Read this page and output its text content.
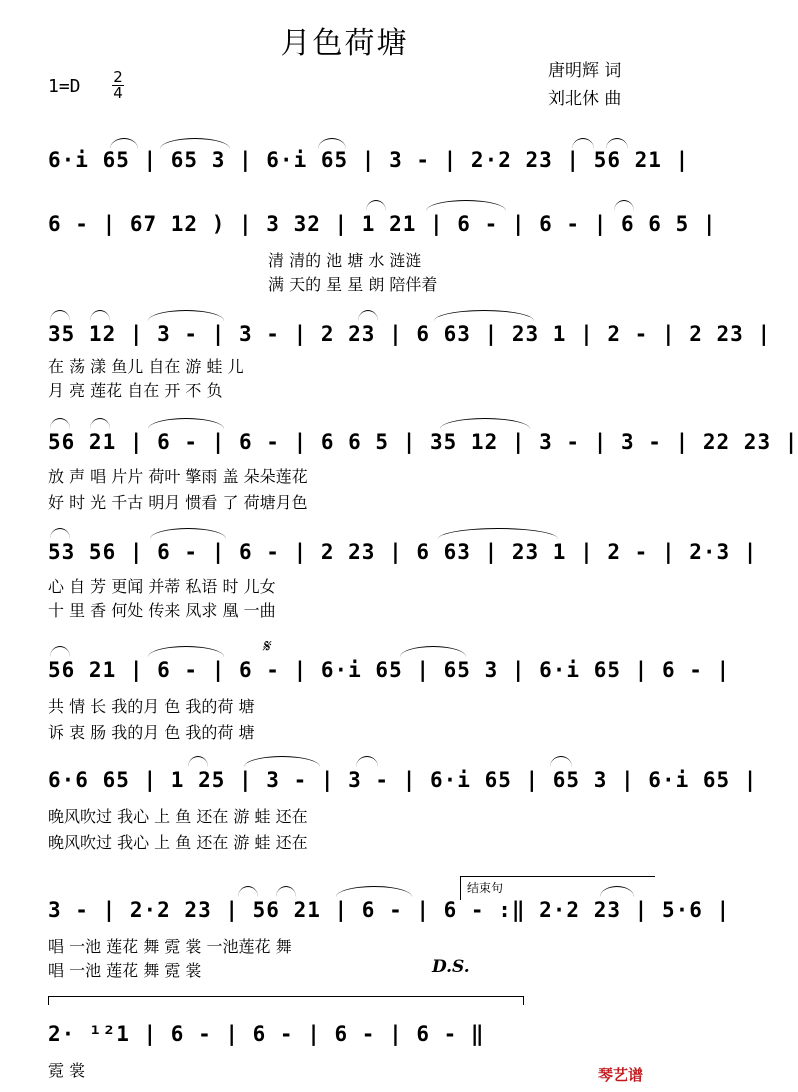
月色荷塘
唐明辉 词
刘北休 曲
1=D 2
4
6·i 65 | 65 3 | 6·i 65 | 3 - | 2·2 23 | 56 21 |
6 - | 67 12 ) | 3 32 | 1 21 | 6 - | 6 - | 6 6 5 |
清 清的 池 塘 水 涟涟
满 天的 星 星 朗 陪伴着
35 12 | 3 - | 3 - | 2 23 | 6 63 | 23 1 | 2 - | 2 23 |
在 荡 漾 鱼儿 自在 游 蛙 儿
月 亮 莲花 自在 开 不 负
56 21 | 6 - | 6 - | 6 6 5 | 35 12 | 3 - | 3 - | 22 23 |
放 声 唱 片片 荷叶 擎雨 盖 朵朵莲花
好 时 光 千古 明月 惯看 了 荷塘月色
53 56 | 6 - | 6 - | 2 23 | 6 63 | 23 1 | 2 - | 2·3 |
心 自 芳 更闻 并蒂 私语 时 儿女
十 里 香 何处 传来 凤求 凰 一曲
𝄋
56 21 | 6 - | 6 - | 6·i 65 | 65 3 | 6·i 65 | 6 - |
共 情 长 我的月 色 我的荷 塘
诉 衷 肠 我的月 色 我的荷 塘
6·6 65 | 1 25 | 3 - | 3 - | 6·i 65 | 65 3 | 6·i 65 |
晚风吹过 我心 上 鱼 还在 游 蛙 还在
晚风吹过 我心 上 鱼 还在 游 蛙 还在
结束句
3 - | 2·2 23 | 56 21 | 6 - | 6 - :‖ 2·2 23 | 5·6 |
唱 一池 莲花 舞 霓 裳 一池莲花 舞
唱 一池 莲花 舞 霓 裳	D.S.
2· ¹²1 | 6 - | 6 - | 6 - | 6 - ‖
霓 裳	琴艺谱
